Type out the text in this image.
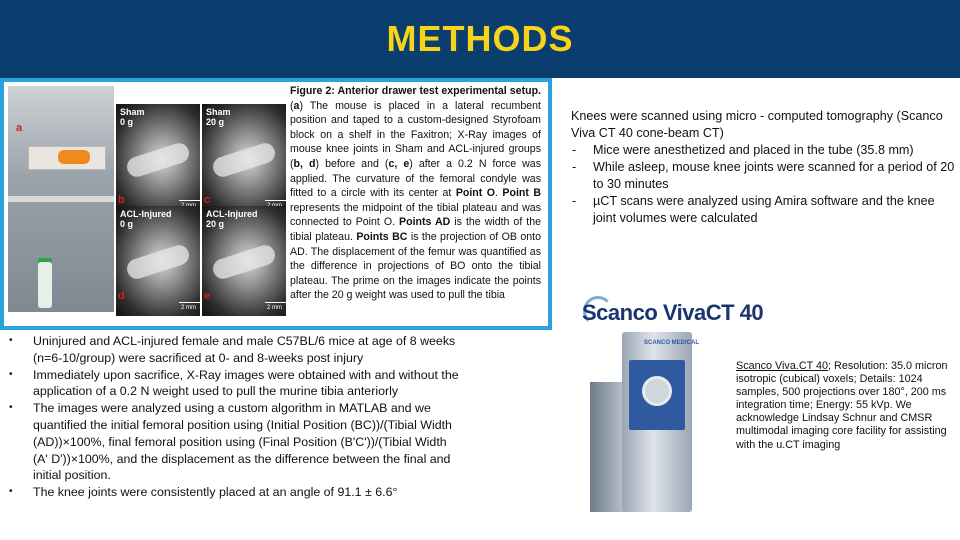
METHODS
a
Sham
0 g
b
Sham
20 g
c
ACL-Injured
0 g
2 mm
d
ACL-Injured
20 g
2 mm
e
Figure 2: Anterior drawer test experimental setup. (a) The mouse is placed in a lateral recumbent position and taped to a custom-designed Styrofoam block on a shelf in the Faxitron; X-Ray images of mouse knee joints in Sham and ACL-injured groups (b, d) before and (c, e) after a 0.2 N force was applied. The curvature of the femoral condyle was fitted to a circle with its center at Point O. Point B represents the midpoint of the tibial plateau and was connected to Point O. Points AD is the width of the tibial plateau. Points BC is the projection of OB onto AD. The displacement of the femur was quantified as the difference in projections of BO onto the tibial plateau. The prime on the images indicate the points after the 20 g weight was used to pull the tibia
• Uninjured and ACL-injured female and male C57BL/6 mice at age of 8 weeks (n=6-10/group) were sacrificed at 0- and 8-weeks post injury
• Immediately upon sacrifice, X-Ray images were obtained with and without the application of a 0.2 N weight used to pull the murine tibia anteriorly
• The images were analyzed using a custom algorithm in MATLAB and we quantified the initial femoral position using (Initial Position (BC))/(Tibial Width (AD))×100%, final femoral position using (Final Position (B'C'))/(Tibial Width (A' D'))×100%, and the displacement as the difference between the final and initial position.
• The knee joints were consistently placed at an angle of 91.1 ± 6.6°
Knees were scanned using micro - computed tomography (Scanco Viva CT 40 cone-beam CT)
- Mice were anesthetized and placed in the tube (35.8 mm)
- While asleep, mouse knee joints were scanned for a period of 20 to 30 minutes
- µCT scans were analyzed using Amira software and the knee joint volumes were calculated
Scanco VivaCT 40
SCANCO MEDICAL
Scanco Viva.CT 40; Resolution: 35.0 micron isotropic (cubical) voxels; Details: 1024 samples, 500 projections over 180°, 200 ms integration time; Energy: 55 kVp. We acknowledge Lindsay Schnur and CMSR multimodal imaging core facility for assisting with the u.CT imaging
